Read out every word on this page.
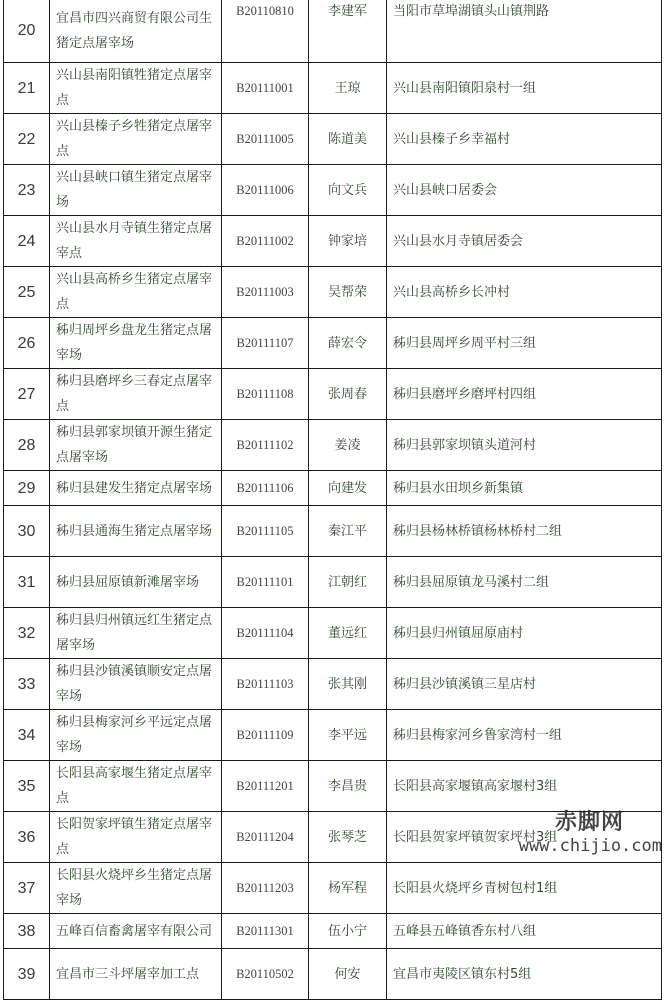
20	宜昌市四兴商贸有限公司生猪定点屠宰场	B20110810	李建军	当阳市草埠湖镇头山镇荆路
21	兴山县南阳镇牲猪定点屠宰点	B20111001	王琼	兴山县南阳镇阳泉村一组
22	兴山县榛子乡牲猪定点屠宰点	B20111005	陈道美	兴山县榛子乡幸福村
23	兴山县峡口镇生猪定点屠宰场	B20111006	向文兵	兴山县峡口居委会
24	兴山县水月寺镇生猪定点屠宰点	B20111002	钟家培	兴山县水月寺镇居委会
25	兴山县高桥乡生猪定点屠宰点	B20111003	吴帮荣	兴山县高桥乡长冲村
26	秭归周坪乡盘龙生猪定点屠宰场	B20111107	薛宏令	秭归县周坪乡周平村三组
27	秭归县磨坪乡三春定点屠宰点	B20111108	张周春	秭归县磨坪乡磨坪村四组
28	秭归县郭家坝镇开源生猪定点屠宰场	B20111102	姜凌	秭归县郭家坝镇头道河村
29	秭归县建发生猪定点屠宰场	B20111106	向建发	秭归县水田坝乡新集镇
30	秭归县通海生猪定点屠宰场	B20111105	秦江平	秭归县杨林桥镇杨林桥村二组
31	秭归县屈原镇新滩屠宰场	B20111101	江朝红	秭归县屈原镇龙马溪村二组
32	秭归县归州镇远红生猪定点屠宰场	B20111104	董远红	秭归县归州镇屈原庙村
33	秭归县沙镇溪镇顺安定点屠宰场	B20111103	张其刚	秭归县沙镇溪镇三星店村
34	秭归县梅家河乡平远定点屠宰场	B20111109	李平远	秭归县梅家河乡鲁家湾村一组
35	长阳县高家堰生猪定点屠宰点	B20111201	李昌贵	长阳县高家堰镇高家堰村3组
36	长阳贺家坪镇生猪定点屠宰点	B20111204	张琴芝	长阳县贺家坪镇贺家坪村3组
37	长阳县火烧坪乡生猪定点屠宰场	B20111203	杨军程	长阳县火烧坪乡青树包村1组
38	五峰百信畜禽屠宰有限公司	B20111301	伍小宁	五峰县五峰镇香东村八组
39	宜昌市三斗坪屠宰加工点	B20110502	何安	宜昌市夷陵区镇东村5组
赤脚网
www.chijio.com
